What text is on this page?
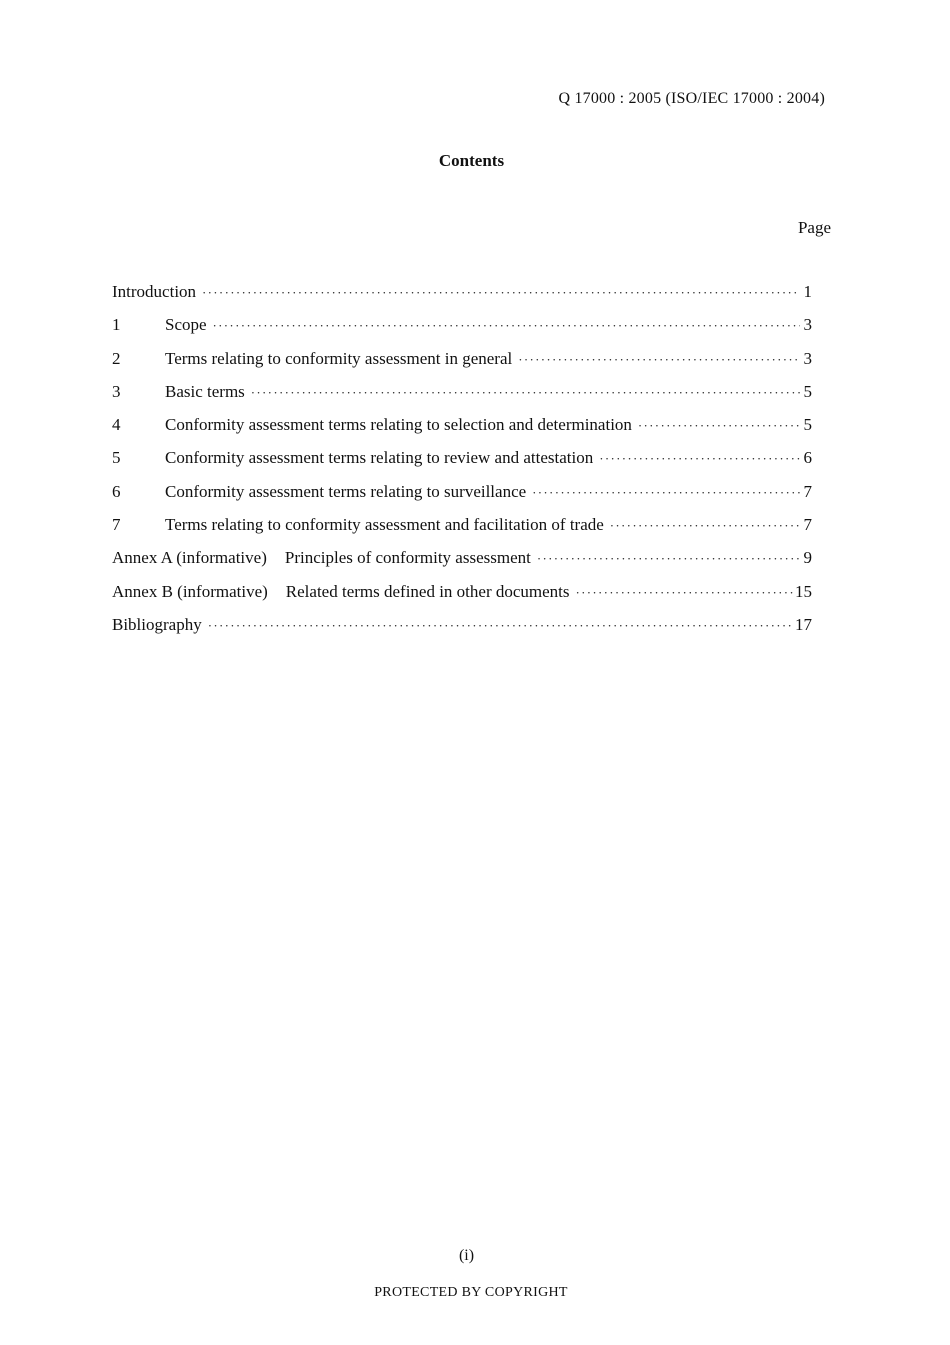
Q 17000 : 2005 (ISO/IEC 17000 : 2004)
Contents
Page
Introduction ·····	1
1	Scope ·····	3
2	Terms relating to conformity assessment in general ·····	3
3	Basic terms ·····	5
4	Conformity assessment terms relating to selection and determination ·····	5
5	Conformity assessment terms relating to review and attestation ·····	6
6	Conformity assessment terms relating to surveillance ·····	7
7	Terms relating to conformity assessment and facilitation of trade ·····	7
Annex A (informative) Principles of conformity assessment ·····	9
Annex B (informative) Related terms defined in other documents ·····	15
Bibliography ·····	17
(i)
PROTECTED BY COPYRIGHT
